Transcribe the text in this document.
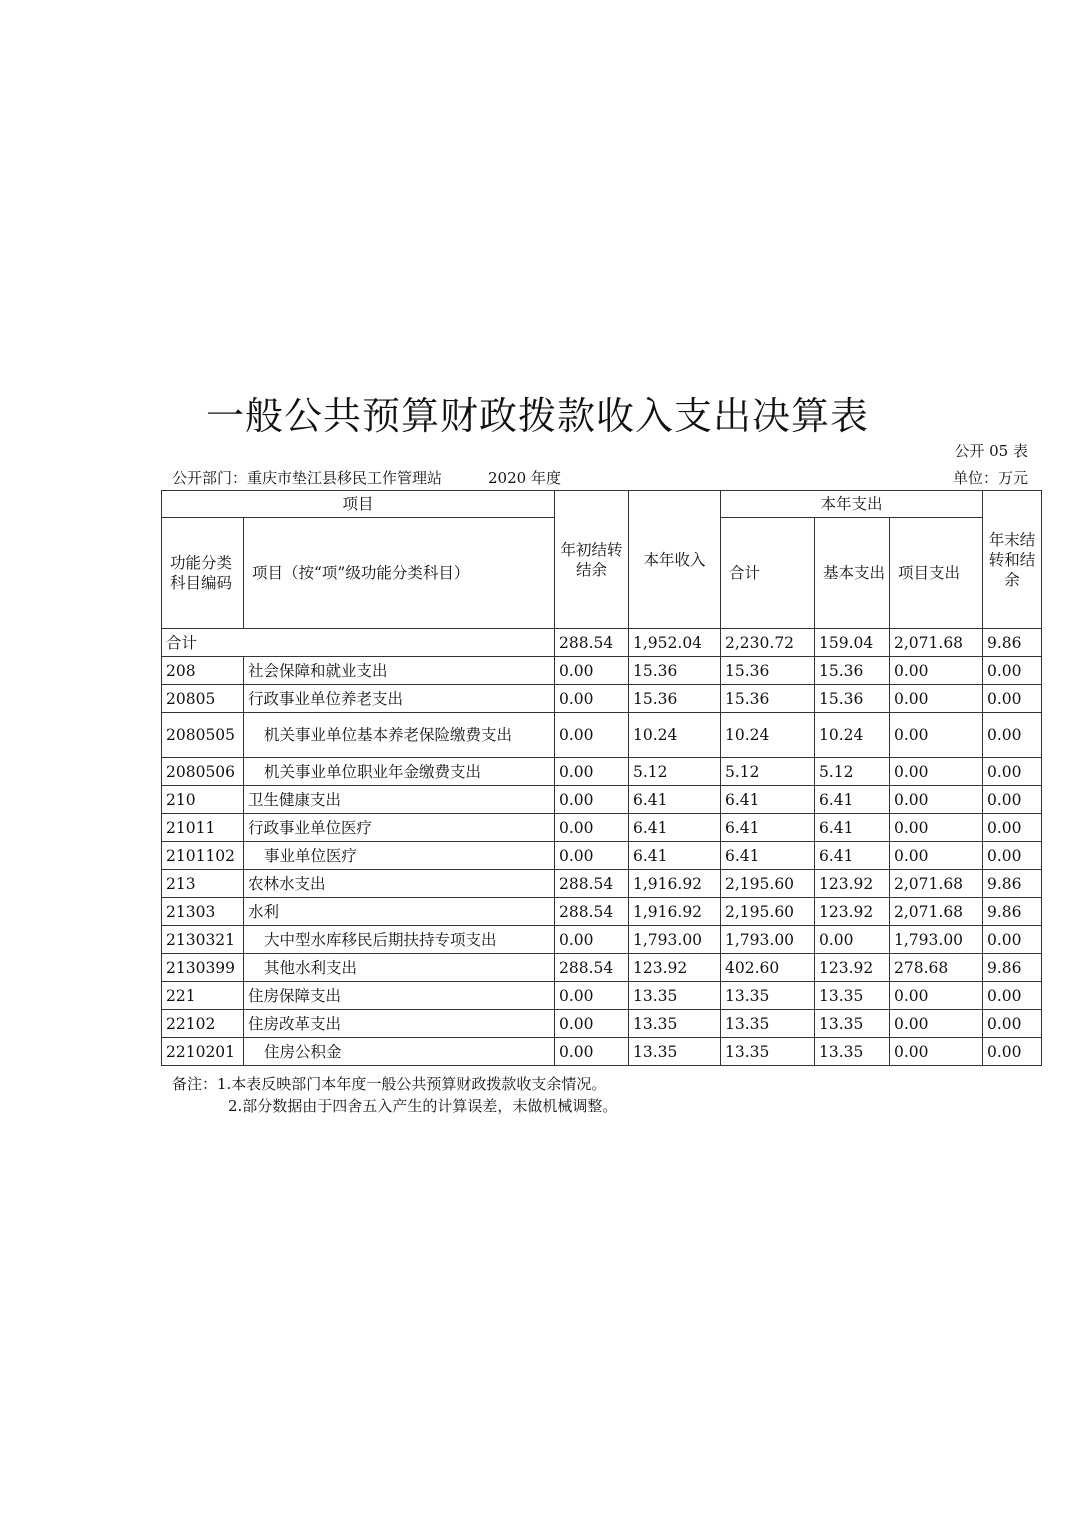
一般公共预算财政拨款收入支出决算表
公开 05 表
公开部门：重庆市垫江县移民工作管理站	2020 年度	单位：万元
项目		年初结转结余	本年收入	本年支出			年末结转和结余
功能分类科目编码	项目（按“项”级功能分类科目）			合计	基本支出	项目支出	
合计		288.54	1,952.04	2,230.72	159.04	2,071.68	9.86
208	社会保障和就业支出	0.00	15.36	15.36	15.36	0.00	0.00
20805	行政事业单位养老支出	0.00	15.36	15.36	15.36	0.00	0.00
2080505	机关事业单位基本养老保险缴费支出	0.00	10.24	10.24	10.24	0.00	0.00
2080506	机关事业单位职业年金缴费支出	0.00	5.12	5.12	5.12	0.00	0.00
210	卫生健康支出	0.00	6.41	6.41	6.41	0.00	0.00
21011	行政事业单位医疗	0.00	6.41	6.41	6.41	0.00	0.00
2101102	事业单位医疗	0.00	6.41	6.41	6.41	0.00	0.00
213	农林水支出	288.54	1,916.92	2,195.60	123.92	2,071.68	9.86
21303	水利	288.54	1,916.92	2,195.60	123.92	2,071.68	9.86
2130321	大中型水库移民后期扶持专项支出	0.00	1,793.00	1,793.00	0.00	1,793.00	0.00
2130399	其他水利支出	288.54	123.92	402.60	123.92	278.68	9.86
221	住房保障支出	0.00	13.35	13.35	13.35	0.00	0.00
22102	住房改革支出	0.00	13.35	13.35	13.35	0.00	0.00
2210201	住房公积金	0.00	13.35	13.35	13.35	0.00	0.00
备注：1.本表反映部门本年度一般公共预算财政拨款收支余情况。
2.部分数据由于四舍五入产生的计算误差，未做机械调整。
